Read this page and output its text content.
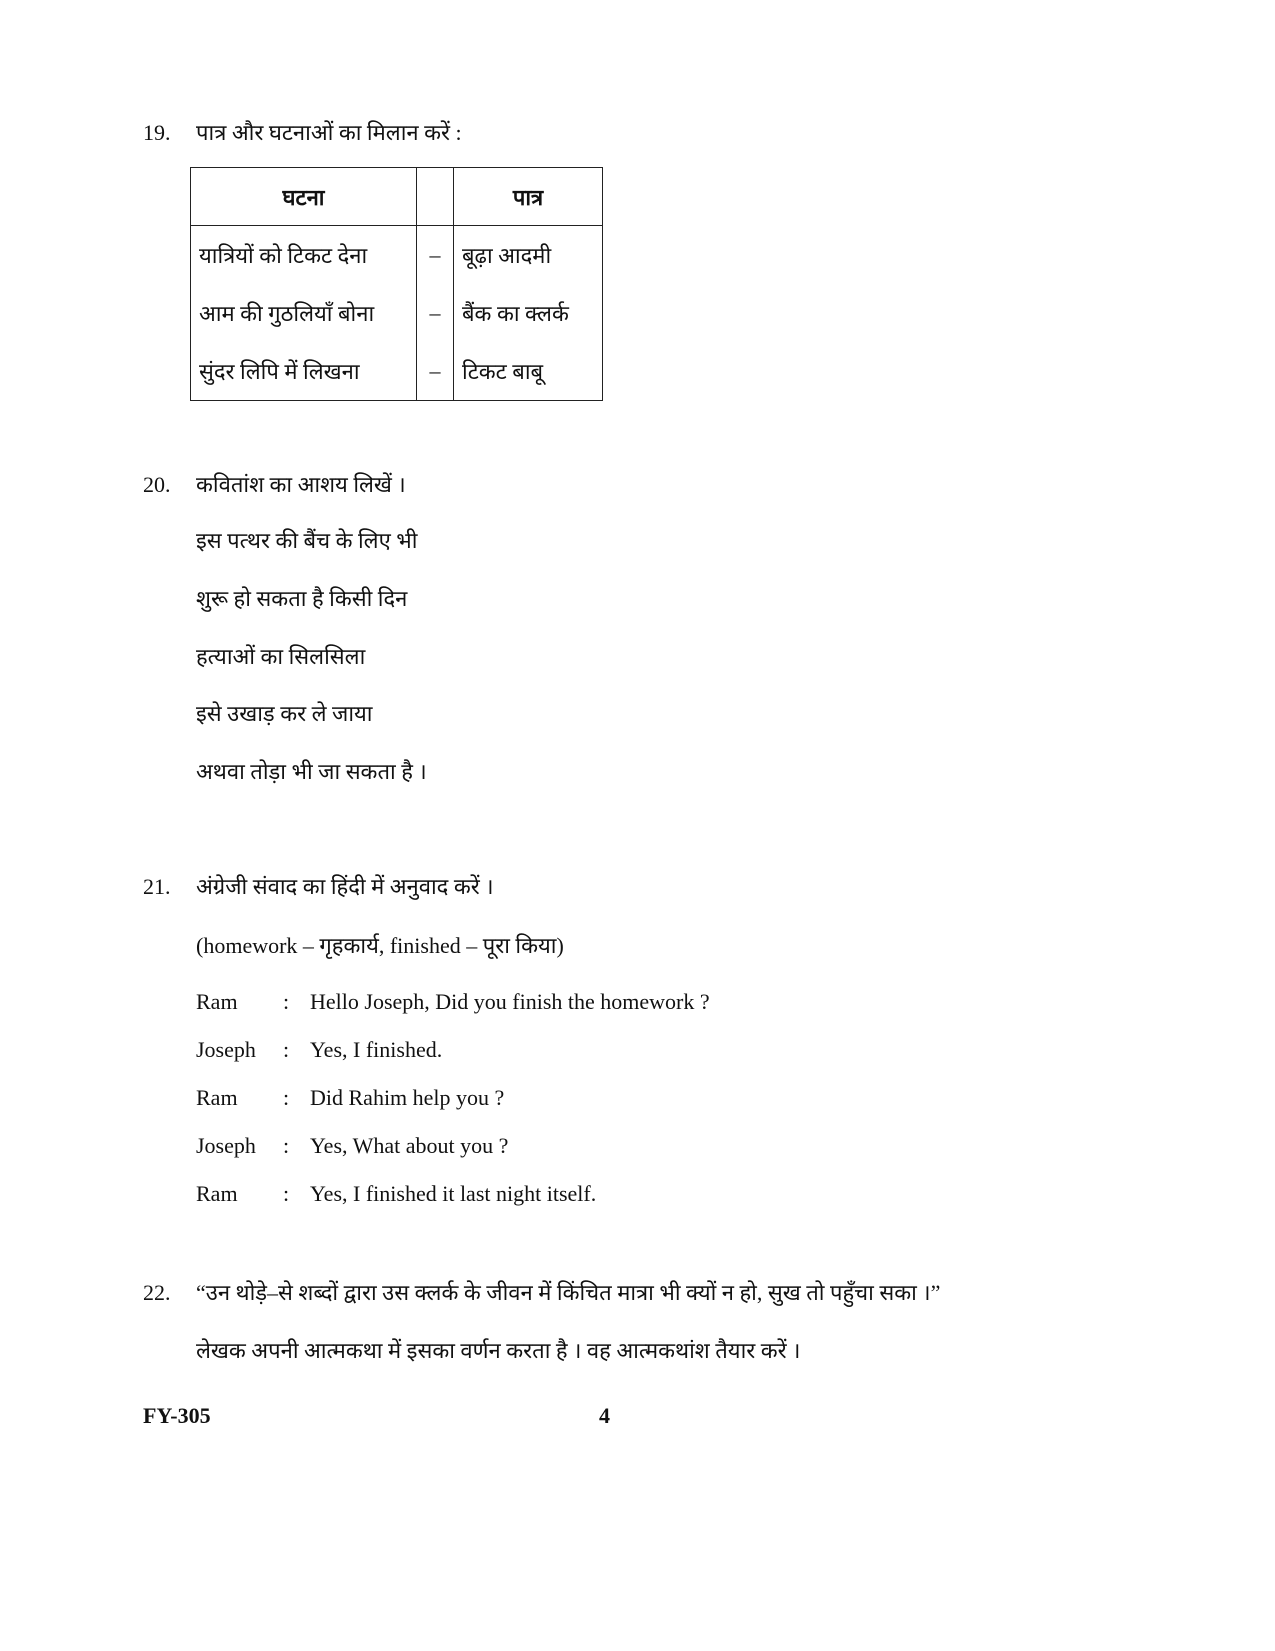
19. पात्र और घटनाओं का मिलान करें :
घटना		पात्र
यात्रियों को टिकट देना	–	बूढ़ा आदमी
आम की गुठलियाँ बोना	–	बैंक का क्लर्क
सुंदर लिपि में लिखना	–	टिकट बाबू
20. कवितांश का आशय लिखें ।
इस पत्थर की बैंच के लिए भी
शुरू हो सकता है किसी दिन
हत्याओं का सिलसिला
इसे उखाड़ कर ले जाया
अथवा तोड़ा भी जा सकता है ।
21. अंग्रेजी संवाद का हिंदी में अनुवाद करें ।
(homework – गृहकार्य, finished – पूरा किया)
Ram : Hello Joseph, Did you finish the homework ?
Joseph : Yes, I finished.
Ram : Did Rahim help you ?
Joseph : Yes, What about you ?
Ram : Yes, I finished it last night itself.
22. “उन थोड़े–से शब्दों द्वारा उस क्लर्क के जीवन में किंचित मात्रा भी क्यों न हो, सुख तो पहुँचा सका ।”
लेखक अपनी आत्मकथा में इसका वर्णन करता है । वह आत्मकथांश तैयार करें ।
FY-305	4
